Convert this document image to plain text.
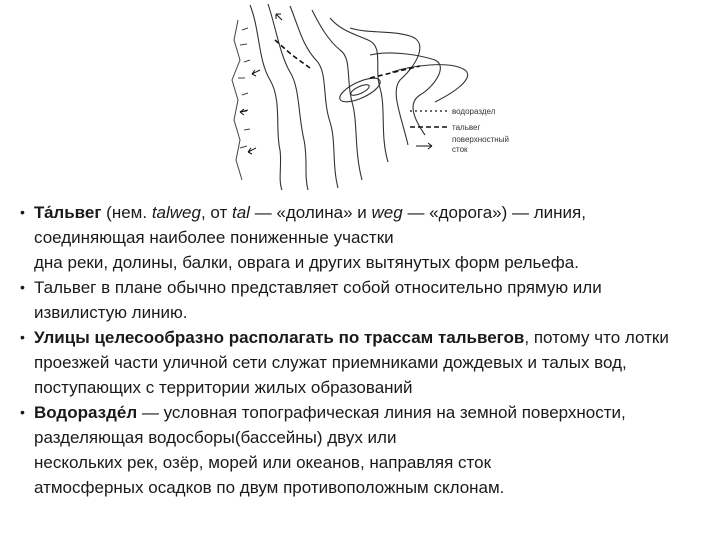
водораздел
тальвег
поверхностный
сток
• Та́львег (нем. talweg, от tal — «долина» и weg — «дорога») — линия,
соединяющая наиболее пониженные участки
дна реки, долины, балки, оврага и других вытянутых форм рельефа.
• Тальвег в плане обычно представляет собой относительно прямую или
извилистую линию.
• Улицы целесообразно располагать по трассам тальвегов, потому что лотки
проезжей части уличной сети служат приемниками дождевых и талых вод,
поступающих с территории жилых образований
• Водоразде́л — условная топографическая линия на земной поверхности,
разделяющая водосборы(бассейны) двух или
нескольких рек, озёр, морей или океанов, направляя сток
атмосферных осадков по двум противоположным склонам.
